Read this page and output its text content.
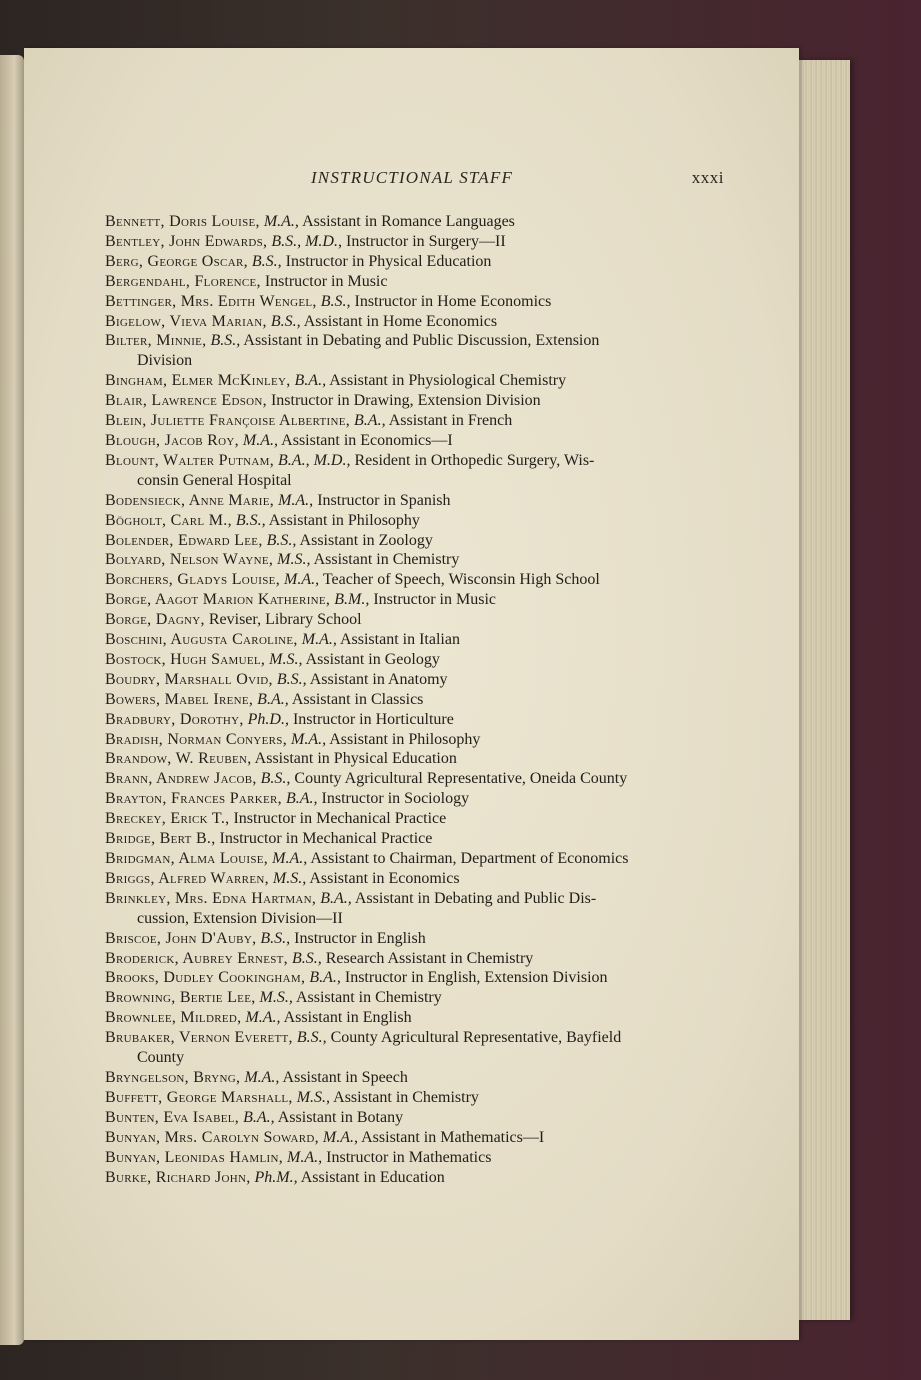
INSTRUCTIONAL STAFF	xxxi
Bennett, Doris Louise, M.A., Assistant in Romance Languages
Bentley, John Edwards, B.S., M.D., Instructor in Surgery—II
Berg, George Oscar, B.S., Instructor in Physical Education
Bergendahl, Florence, Instructor in Music
Bettinger, Mrs. Edith Wengel, B.S., Instructor in Home Economics
Bigelow, Vieva Marian, B.S., Assistant in Home Economics
Bilter, Minnie, B.S., Assistant in Debating and Public Discussion, Extension
Division
Bingham, Elmer McKinley, B.A., Assistant in Physiological Chemistry
Blair, Lawrence Edson, Instructor in Drawing, Extension Division
Blein, Juliette Françoise Albertine, B.A., Assistant in French
Blough, Jacob Roy, M.A., Assistant in Economics—I
Blount, Walter Putnam, B.A., M.D., Resident in Orthopedic Surgery, Wis-
consin General Hospital
Bodensieck, Anne Marie, M.A., Instructor in Spanish
Bögholt, Carl M., B.S., Assistant in Philosophy
Bolender, Edward Lee, B.S., Assistant in Zoology
Bolyard, Nelson Wayne, M.S., Assistant in Chemistry
Borchers, Gladys Louise, M.A., Teacher of Speech, Wisconsin High School
Borge, Aagot Marion Katherine, B.M., Instructor in Music
Borge, Dagny, Reviser, Library School
Boschini, Augusta Caroline, M.A., Assistant in Italian
Bostock, Hugh Samuel, M.S., Assistant in Geology
Boudry, Marshall Ovid, B.S., Assistant in Anatomy
Bowers, Mabel Irene, B.A., Assistant in Classics
Bradbury, Dorothy, Ph.D., Instructor in Horticulture
Bradish, Norman Conyers, M.A., Assistant in Philosophy
Brandow, W. Reuben, Assistant in Physical Education
Brann, Andrew Jacob, B.S., County Agricultural Representative, Oneida County
Brayton, Frances Parker, B.A., Instructor in Sociology
Breckey, Erick T., Instructor in Mechanical Practice
Bridge, Bert B., Instructor in Mechanical Practice
Bridgman, Alma Louise, M.A., Assistant to Chairman, Department of Economics
Briggs, Alfred Warren, M.S., Assistant in Economics
Brinkley, Mrs. Edna Hartman, B.A., Assistant in Debating and Public Dis-
cussion, Extension Division—II
Briscoe, John D'Auby, B.S., Instructor in English
Broderick, Aubrey Ernest, B.S., Research Assistant in Chemistry
Brooks, Dudley Cookingham, B.A., Instructor in English, Extension Division
Browning, Bertie Lee, M.S., Assistant in Chemistry
Brownlee, Mildred, M.A., Assistant in English
Brubaker, Vernon Everett, B.S., County Agricultural Representative, Bayfield
County
Bryngelson, Bryng, M.A., Assistant in Speech
Buffett, George Marshall, M.S., Assistant in Chemistry
Bunten, Eva Isabel, B.A., Assistant in Botany
Bunyan, Mrs. Carolyn Soward, M.A., Assistant in Mathematics—I
Bunyan, Leonidas Hamlin, M.A., Instructor in Mathematics
Burke, Richard John, Ph.M., Assistant in Education
